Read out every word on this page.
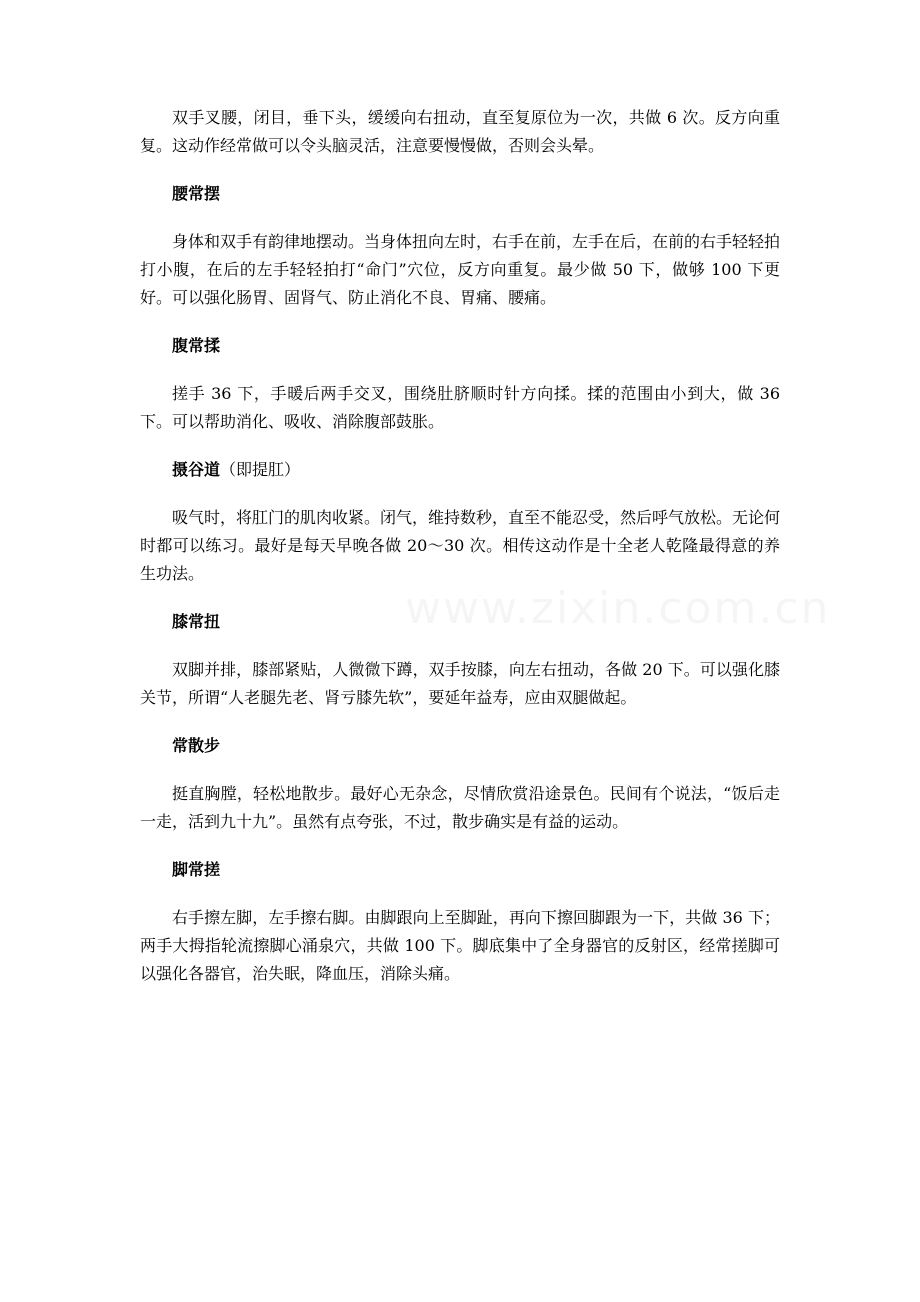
双手叉腰，闭目，垂下头，缓缓向右扭动，直至复原位为一次，共做 6 次。反方向重复。这动作经常做可以令头脑灵活，注意要慢慢做，否则会头晕。

腰常摆

身体和双手有韵律地摆动。当身体扭向左时，右手在前，左手在后，在前的右手轻轻拍打小腹，在后的左手轻轻拍打“命门”穴位，反方向重复。最少做 50 下，做够 100 下更好。可以强化肠胃、固肾气、防止消化不良、胃痛、腰痛。

腹常揉

搓手 36 下，手暖后两手交叉，围绕肚脐顺时针方向揉。揉的范围由小到大，做 36 下。可以帮助消化、吸收、消除腹部鼓胀。

摄谷道（即提肛）

吸气时，将肛门的肌肉收紧。闭气，维持数秒，直至不能忍受，然后呼气放松。无论何时都可以练习。最好是每天早晚各做 20～30 次。相传这动作是十全老人乾隆最得意的养生功法。

膝常扭

双脚并排，膝部紧贴，人微微下蹲，双手按膝，向左右扭动，各做 20 下。可以强化膝关节，所谓“人老腿先老、肾亏膝先软”，要延年益寿，应由双腿做起。

常散步

挺直胸膛，轻松地散步。最好心无杂念，尽情欣赏沿途景色。民间有个说法，“饭后走一走，活到九十九”。虽然有点夸张，不过，散步确实是有益的运动。

脚常搓

右手擦左脚，左手擦右脚。由脚跟向上至脚趾，再向下擦回脚跟为一下，共做 36 下；两手大拇指轮流擦脚心涌泉穴，共做 100 下。脚底集中了全身器官的反射区，经常搓脚可以强化各器官，治失眠，降血压，消除头痛。
